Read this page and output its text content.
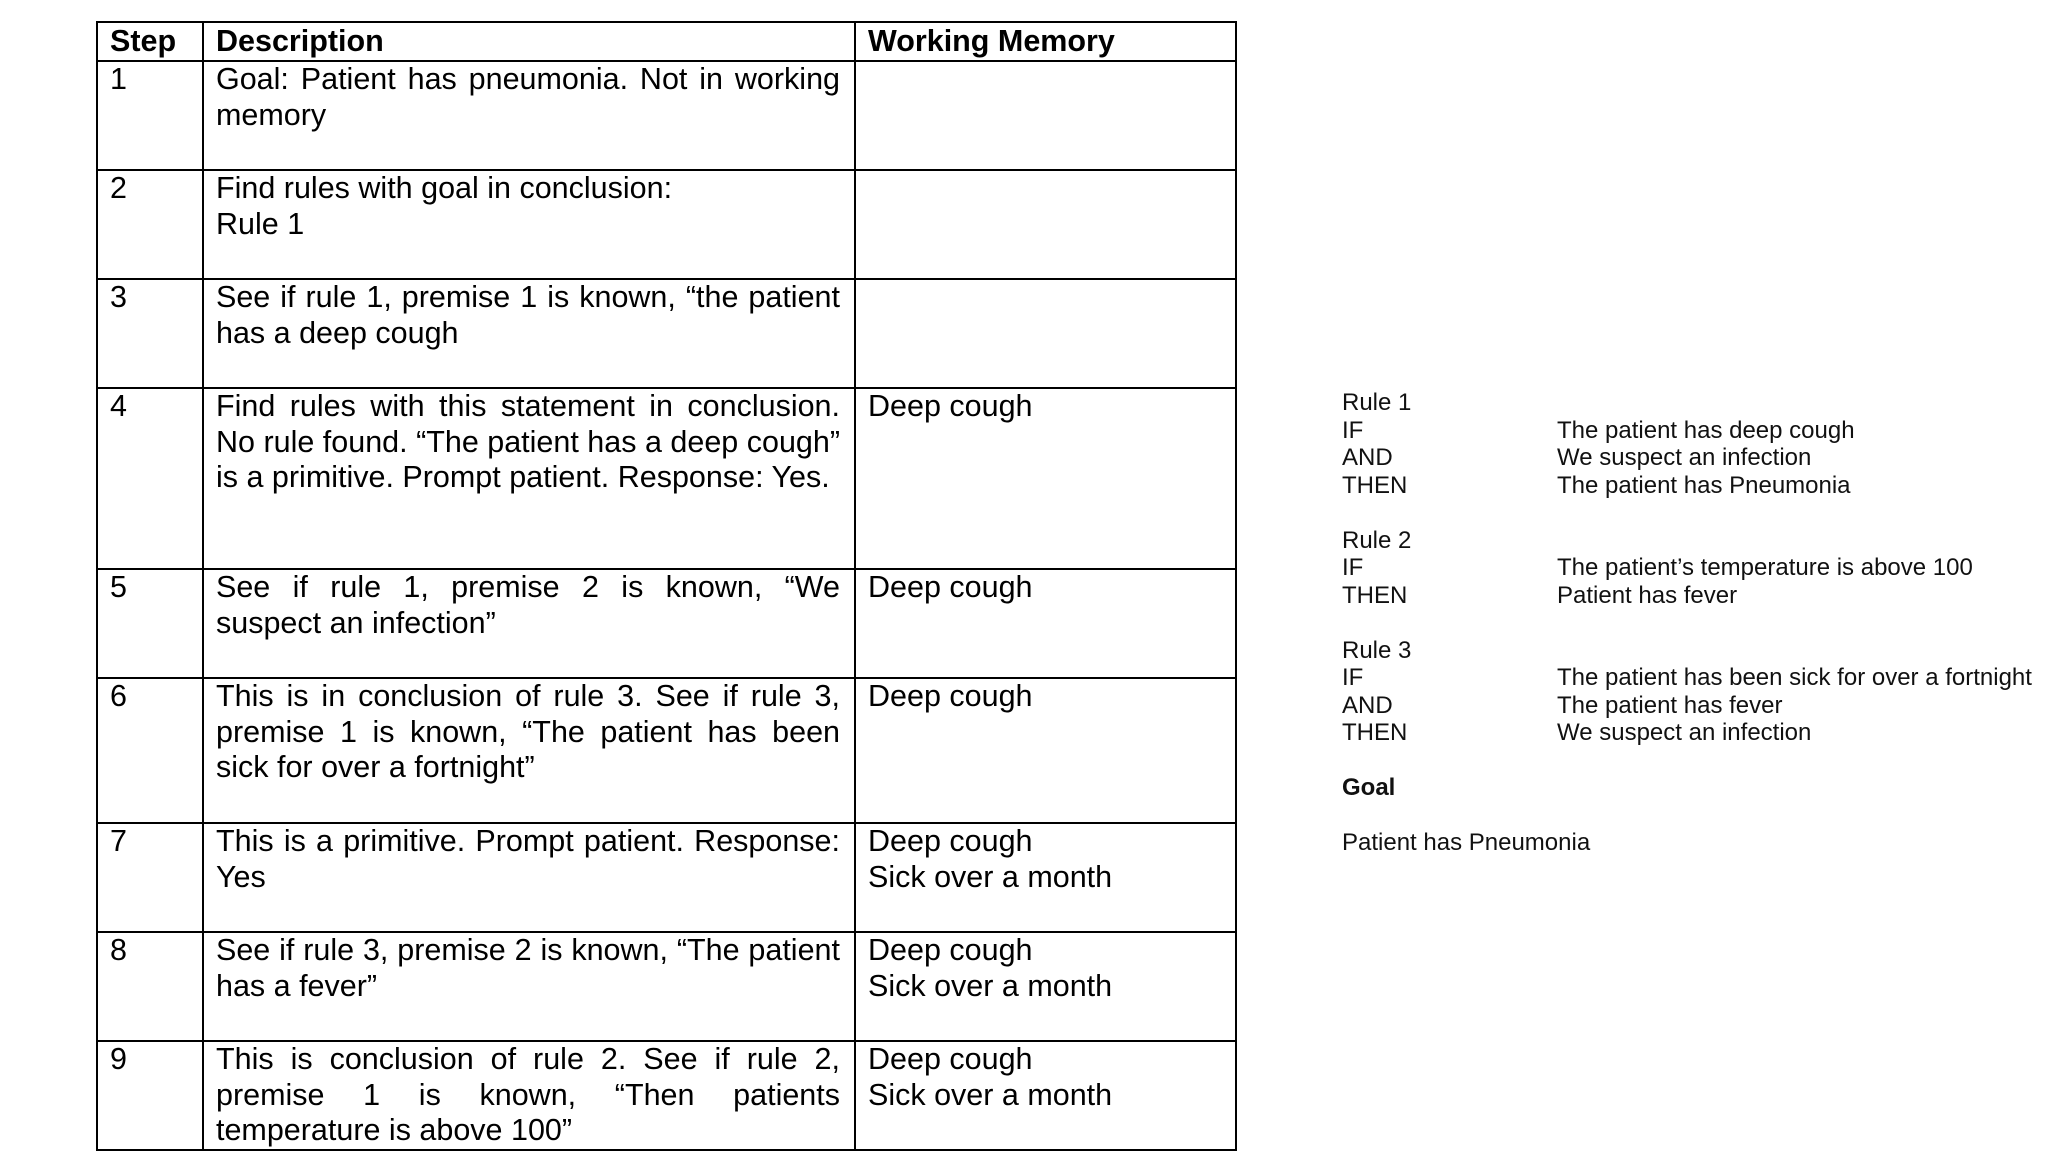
Step	Description	Working Memory
1	Goal: Patient has pneumonia. Not in working memory	
2	Find rules with goal in conclusion:
Rule 1	

3	See if rule 1, premise 1 is known, “the patient has a deep cough	
4	Find rules with this statement in conclusion. No rule found. “The patient has a deep cough” is a primitive. Prompt patient. Response: Yes.	Deep cough

5	See if rule 1, premise 2 is known, “We suspect an infection”	Deep cough

6	This is in conclusion of rule 3. See if rule 3, premise 1 is known, “The patient has been sick for over a fortnight”	Deep cough

7	This is a primitive. Prompt patient. Response: Yes	Deep cough
Sick over a month

8	See if rule 3, premise 2 is known, “The patient has a fever”	Deep cough
Sick over a month

9	This is conclusion of rule 2. See if rule 2, premise 1 is known, “Then patients temperature is above 100”	Deep cough
Sick over a month
Rule 1
IF	The patient has deep cough
AND	We suspect an infection
THEN	The patient has Pneumonia
Rule 2
IF	The patient’s temperature is above 100
THEN	Patient has fever
Rule 3
IF	The patient has been sick for over a fortnight
AND	The patient has fever
THEN	We suspect an infection
Goal
Patient has Pneumonia
